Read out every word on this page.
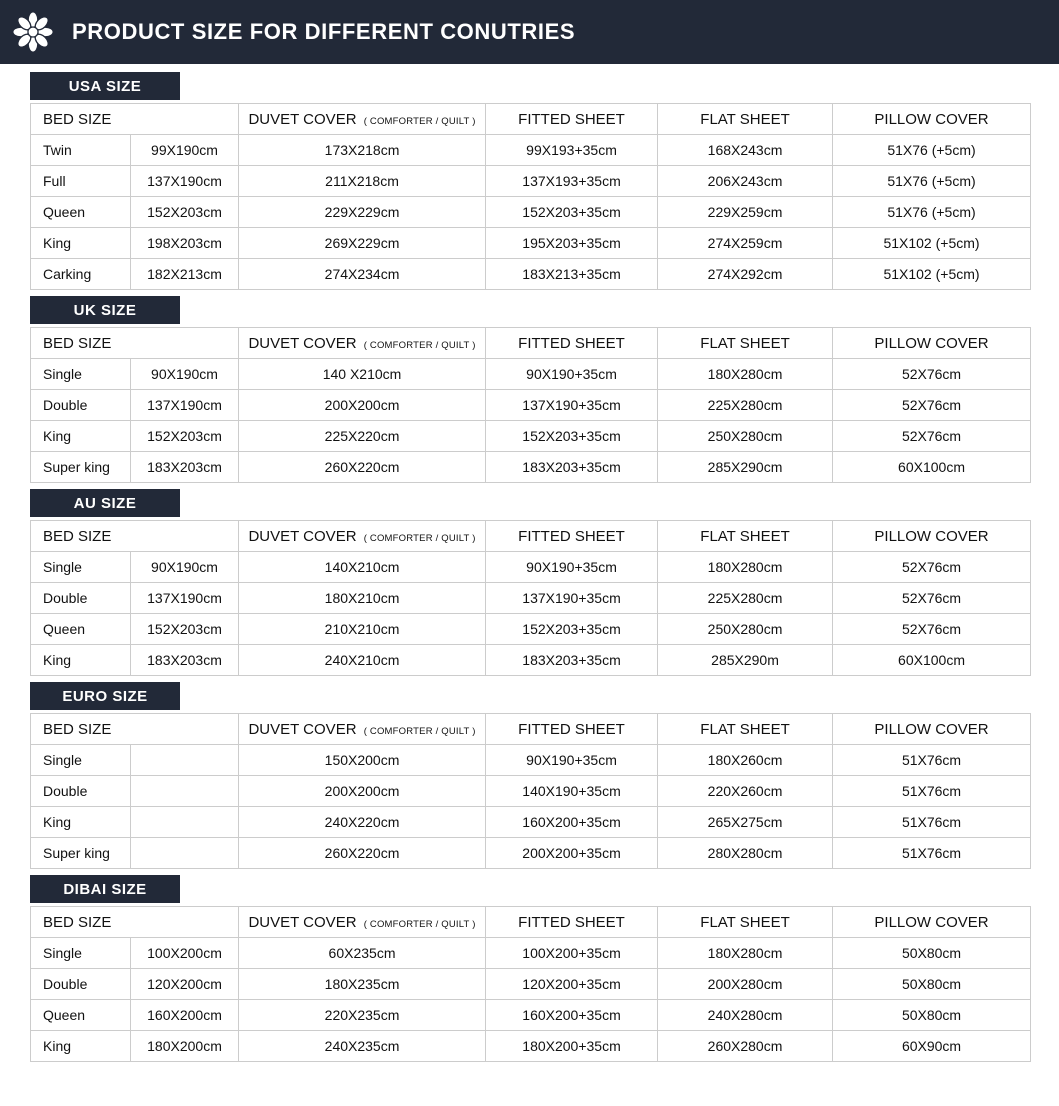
PRODUCT SIZE FOR DIFFERENT CONUTRIES
USA SIZE
BED SIZE		DUVET COVER ( COMFORTER / QUILT )	FITTED SHEET	FLAT SHEET	PILLOW COVER
Twin	99X190cm	173X218cm	99X193+35cm	168X243cm	51X76 (+5cm)
Full	137X190cm	211X218cm	137X193+35cm	206X243cm	51X76 (+5cm)
Queen	152X203cm	229X229cm	152X203+35cm	229X259cm	51X76 (+5cm)
King	198X203cm	269X229cm	195X203+35cm	274X259cm	51X102 (+5cm)
Carking	182X213cm	274X234cm	183X213+35cm	274X292cm	51X102 (+5cm)
UK SIZE
BED SIZE		DUVET COVER ( COMFORTER / QUILT )	FITTED SHEET	FLAT SHEET	PILLOW COVER
Single	90X190cm	140 X210cm	90X190+35cm	180X280cm	52X76cm
Double	137X190cm	200X200cm	137X190+35cm	225X280cm	52X76cm
King	152X203cm	225X220cm	152X203+35cm	250X280cm	52X76cm
Super king	183X203cm	260X220cm	183X203+35cm	285X290cm	60X100cm
AU SIZE
BED SIZE		DUVET COVER ( COMFORTER / QUILT )	FITTED SHEET	FLAT SHEET	PILLOW COVER
Single	90X190cm	140X210cm	90X190+35cm	180X280cm	52X76cm
Double	137X190cm	180X210cm	137X190+35cm	225X280cm	52X76cm
Queen	152X203cm	210X210cm	152X203+35cm	250X280cm	52X76cm
King	183X203cm	240X210cm	183X203+35cm	285X290m	60X100cm
EURO SIZE
BED SIZE		DUVET COVER ( COMFORTER / QUILT )	FITTED SHEET	FLAT SHEET	PILLOW COVER
Single		150X200cm	90X190+35cm	180X260cm	51X76cm
Double		200X200cm	140X190+35cm	220X260cm	51X76cm
King		240X220cm	160X200+35cm	265X275cm	51X76cm
Super king		260X220cm	200X200+35cm	280X280cm	51X76cm
DIBAI SIZE
BED SIZE		DUVET COVER ( COMFORTER / QUILT )	FITTED SHEET	FLAT SHEET	PILLOW COVER
Single	100X200cm	60X235cm	100X200+35cm	180X280cm	50X80cm
Double	120X200cm	180X235cm	120X200+35cm	200X280cm	50X80cm
Queen	160X200cm	220X235cm	160X200+35cm	240X280cm	50X80cm
King	180X200cm	240X235cm	180X200+35cm	260X280cm	60X90cm
